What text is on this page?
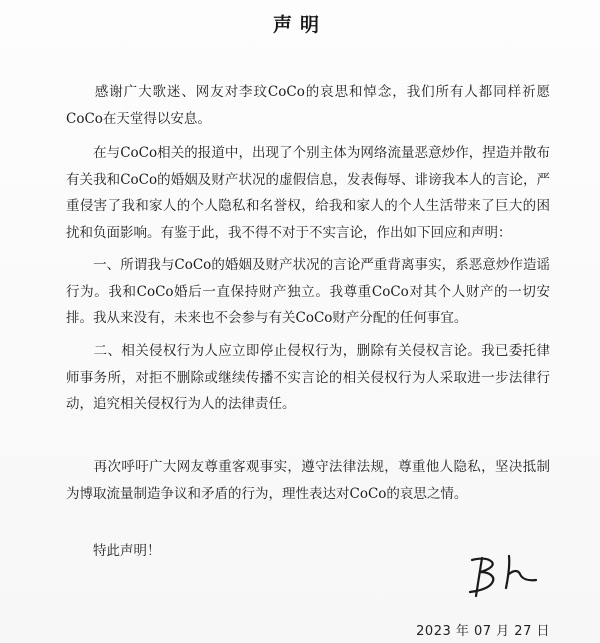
声明
　　感谢广大歌迷、网友对李玟CoCo的哀思和悼念，我们所有人都同样祈愿CoCo在天堂得以安息。
　　在与CoCo相关的报道中，出现了个别主体为网络流量恶意炒作，捏造并散布有关我和CoCo的婚姻及财产状况的虚假信息，发表侮辱、诽谤我本人的言论，严重侵害了我和家人的个人隐私和名誉权，给我和家人的个人生活带来了巨大的困扰和负面影响。有鉴于此，我不得不对于不实言论，作出如下回应和声明：
　　一、所谓我与CoCo的婚姻及财产状况的言论严重背离事实，系恶意炒作造谣行为。我和CoCo婚后一直保持财产独立。我尊重CoCo对其个人财产的一切安排。我从来没有，未来也不会参与有关CoCo财产分配的任何事宜。
　　二、相关侵权行为人应立即停止侵权行为，删除有关侵权言论。我已委托律师事务所，对拒不删除或继续传播不实言论的相关侵权行为人采取进一步法律行动，追究相关侵权行为人的法律责任。
　　再次呼吁广大网友尊重客观事实，遵守法律法规，尊重他人隐私，坚决抵制为博取流量制造争议和矛盾的行为，理性表达对CoCo的哀思之情。
　　特此声明！
2023 年 07 月 27 日
